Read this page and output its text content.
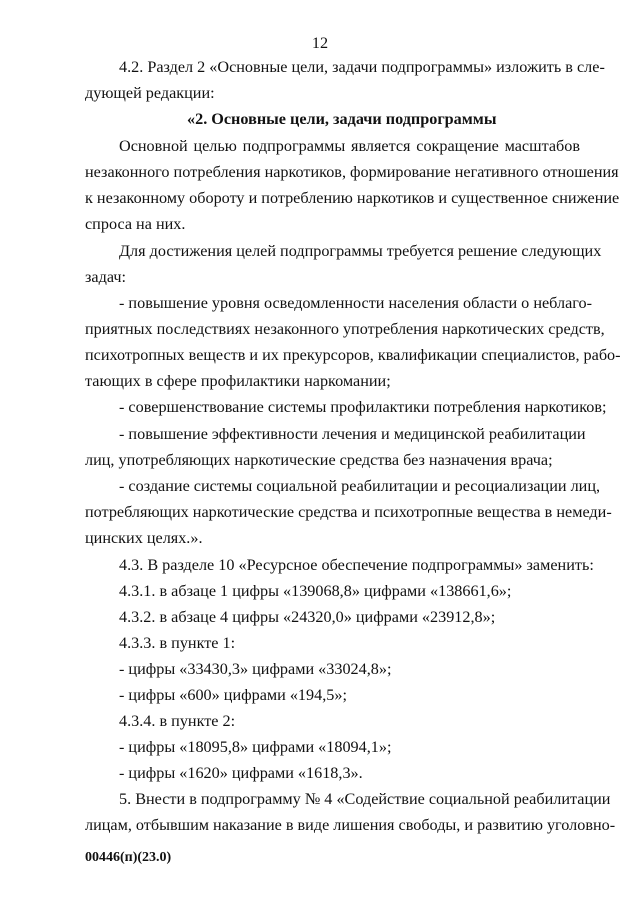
12
4.2. Раздел 2 «Основные цели, задачи подпрограммы» изложить в сле-
дующей редакции:
«2. Основные цели, задачи подпрограммы
Основной целью подпрограммы является сокращение масштабов
незаконного потребления наркотиков, формирование негативного отношения
к незаконному обороту и потреблению наркотиков и существенное снижение
спроса на них.
Для достижения целей подпрограммы требуется решение следующих
задач:
- повышение уровня осведомленности населения области о неблаго-
приятных последствиях незаконного употребления наркотических средств,
психотропных веществ и их прекурсоров, квалификации специалистов, рабо-
тающих в сфере профилактики наркомании;
- совершенствование системы профилактики потребления наркотиков;
- повышение эффективности лечения и медицинской реабилитации
лиц, употребляющих наркотические средства без назначения врача;
- создание системы социальной реабилитации и ресоциализации лиц,
потребляющих наркотические средства и психотропные вещества в немеди-
цинских целях.».
4.3. В разделе 10 «Ресурсное обеспечение подпрограммы» заменить:
4.3.1. в абзаце 1 цифры «139068,8» цифрами «138661,6»;
4.3.2. в абзаце 4 цифры «24320,0» цифрами «23912,8»;
4.3.3. в пункте 1:
- цифры «33430,3» цифрами «33024,8»;
- цифры «600» цифрами «194,5»;
4.3.4. в пункте 2:
- цифры «18095,8» цифрами «18094,1»;
- цифры «1620» цифрами «1618,3».
5. Внести в подпрограмму № 4 «Содействие социальной реабилитации
лицам, отбывшим наказание в виде лишения свободы, и развитию уголовно-
00446(п)(23.0)
